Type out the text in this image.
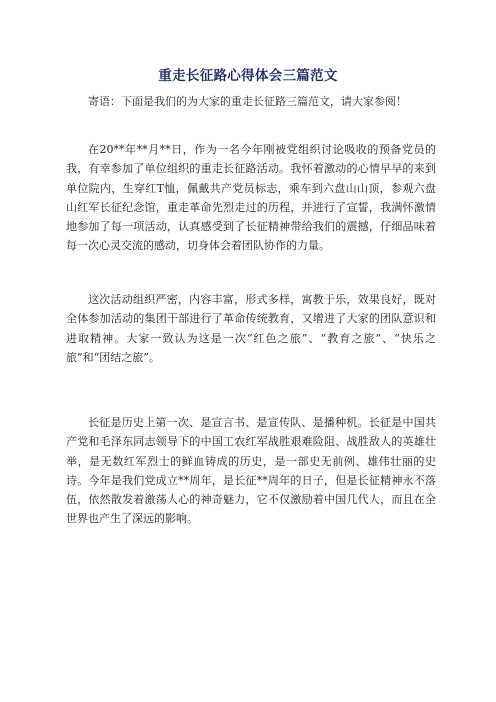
重走长征路心得体会三篇范文
寄语：下面是我们的为大家的重走长征路三篇范文，请大家参阅！

在20**年**月**日，作为一名今年刚被党组织讨论吸收的预备党员的我，有幸参加了单位组织的重走长征路活动。我怀着激动的心情早早的来到单位院内，生穿红T恤，佩戴共产党员标志，乘车到六盘山山顶，参观六盘山红军长征纪念馆，重走革命先烈走过的历程，并进行了宣誓，我满怀激情地参加了每一项活动，认真感受到了长征精神带给我们的震撼，仔细品味着每一次心灵交流的感动，切身体会着团队协作的力量。

这次活动组织严密，内容丰富，形式多样，寓教于乐，效果良好，既对全体参加活动的集团干部进行了革命传统教育，又增进了大家的团队意识和进取精神。大家一致认为这是一次“红色之旅”、“教育之旅”、“快乐之旅”和“团结之旅”。

长征是历史上第一次、是宣言书、是宣传队、是播种机。长征是中国共产党和毛泽东同志领导下的中国工农红军战胜艰难险阻、战胜敌人的英雄壮举，是无数红军烈士的鲜血铸成的历史，是一部史无前例、雄伟壮丽的史诗。今年是我们党成立**周年，是长征**周年的日子，但是长征精神永不落伍，依然散发着激荡人心的神奇魅力，它不仅激励着中国几代人，而且在全世界也产生了深远的影响。
